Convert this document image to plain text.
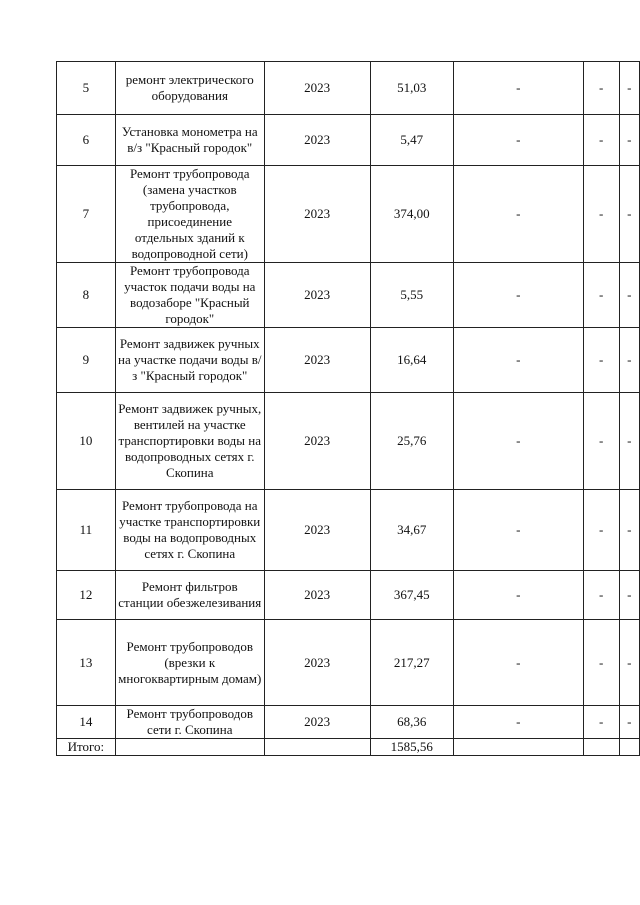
5	ремонт электрического оборудования	2023	51,03	-	-	-
6	Установка монометра на в/з "Красный городок"	2023	5,47	-	-	-
7	Ремонт трубопровода (замена участков трубопровода, присоединение отдельных зданий к водопроводной сети)	2023	374,00	-	-	-
8	Ремонт трубопровода участок подачи воды на водозаборе "Красный городок"	2023	5,55	-	-	-
9	Ремонт задвижек ручных на участке подачи воды в/з "Красный городок"	2023	16,64	-	-	-
10	Ремонт задвижек ручных, вентилей на участке транспортировки воды на водопроводных сетях г. Скопина	2023	25,76	-	-	-
11	Ремонт трубопровода на участке транспортировки воды на водопроводных сетях г. Скопина	2023	34,67	-	-	-
12	Ремонт фильтров станции обезжелезивания	2023	367,45	-	-	-
13	Ремонт трубопроводов (врезки к многоквартирным домам)	2023	217,27	-	-	-
14	Ремонт трубопроводов сети г. Скопина	2023	68,36	-	-	-
Итого:			1585,56			
